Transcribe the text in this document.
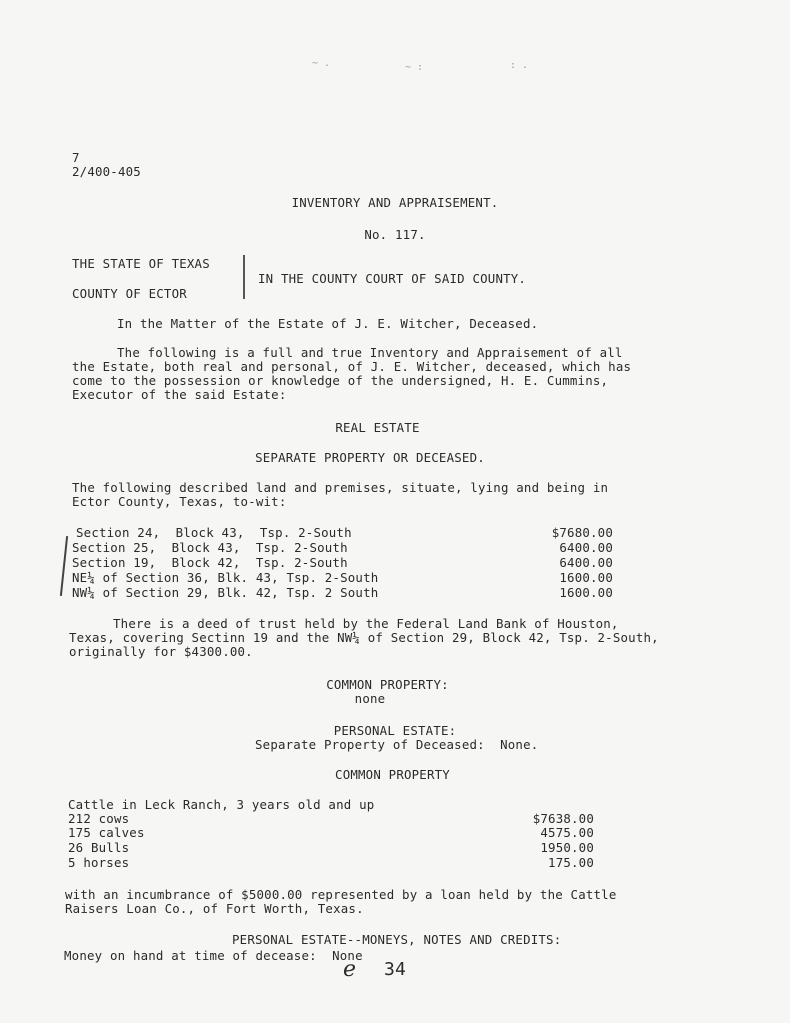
~ .	~ :	: .
7
2/400-405
INVENTORY AND APPRAISEMENT.
No. 117.
THE STATE OF TEXAS
COUNTY OF ECTOR
IN THE COUNTY COURT OF SAID COUNTY.
In the Matter of the Estate of J. E. Witcher, Deceased.
The following is a full and true Inventory and Appraisement of all
the Estate, both real and personal, of J. E. Witcher, deceased, which has
come to the possession or knowledge of the undersigned, H. E. Cummins,
Executor of the said Estate:
REAL ESTATE
SEPARATE PROPERTY OR DECEASED.
The following described land and premises, situate, lying and being in
Ector County, Texas, to-wit:
Section 24,  Block 43,  Tsp. 2-South	$7680.00
Section 25,  Block 43,  Tsp. 2-South	6400.00
Section 19,  Block 42,  Tsp. 2-South	6400.00
NE¼ of Section 36, Blk. 43, Tsp. 2-South	1600.00
NW¼ of Section 29, Blk. 42, Tsp. 2 South	1600.00
There is a deed of trust held by the Federal Land Bank of Houston,
Texas, covering Sectinn 19 and the NW¼ of Section 29, Block 42, Tsp. 2-South,
originally for $4300.00.
COMMON PROPERTY:
none
PERSONAL ESTATE:
Separate Property of Deceased:  None.
COMMON PROPERTY
Cattle in Leck Ranch, 3 years old and up
212 cows	$7638.00
175 calves	4575.00
26 Bulls	1950.00
5 horses	175.00
with an incumbrance of $5000.00 represented by a loan held by the Cattle
Raisers Loan Co., of Fort Worth, Texas.
PERSONAL ESTATE--MONEYS, NOTES AND CREDITS:
Money on hand at time of decease:  None
e 34
